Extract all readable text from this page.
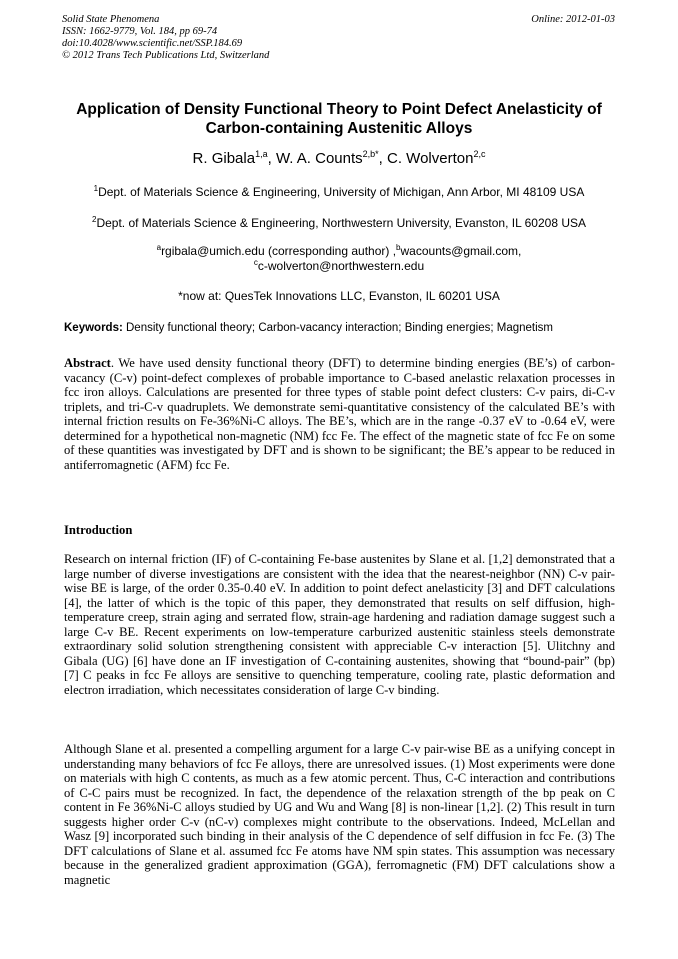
Solid State Phenomena
ISSN: 1662-9779, Vol. 184, pp 69-74
doi:10.4028/www.scientific.net/SSP.184.69
© 2012 Trans Tech Publications Ltd, Switzerland
Online: 2012-01-03
Application of Density Functional Theory to Point Defect Anelasticity of
Carbon-containing Austenitic Alloys
R. Gibala$^{1,a}$, W. A. Counts$^{2,b*}$, C. Wolverton$^{2,c}$
$^1$Dept. of Materials Science & Engineering, University of Michigan, Ann Arbor, MI 48109 USA
$^2$Dept. of Materials Science & Engineering, Northwestern University, Evanston, IL 60208 USA
$^a$rgibala@umich.edu (corresponding author) ,$^b$wacounts@gmail.com,
$^c$c-wolverton@northwestern.edu
*now at: QuesTek Innovations LLC, Evanston, IL 60201 USA
Keywords: Density functional theory; Carbon-vacancy interaction; Binding energies; Magnetism
Abstract. We have used density functional theory (DFT) to determine binding energies (BE’s) of carbon-vacancy (C-v) point-defect complexes of probable importance to C-based anelastic relaxation processes in fcc iron alloys. Calculations are presented for three types of stable point defect clusters: C-v pairs, di-C-v triplets, and tri-C-v quadruplets. We demonstrate semi-quantitative consistency of the calculated BE’s with internal friction results on Fe-36%Ni-C alloys. The BE’s, which are in the range -0.37 eV to -0.64 eV, were determined for a hypothetical non-magnetic (NM) fcc Fe. The effect of the magnetic state of fcc Fe on some of these quantities was investigated by DFT and is shown to be significant; the BE’s appear to be reduced in antiferromagnetic (AFM) fcc Fe.
Introduction
Research on internal friction (IF) of C-containing Fe-base austenites by Slane et al. [1,2] demonstrated that a large number of diverse investigations are consistent with the idea that the nearest-neighbor (NN) C-v pair-wise BE is large, of the order 0.35-0.40 eV. In addition to point defect anelasticity [3] and DFT calculations [4], the latter of which is the topic of this paper, they demonstrated that results on self diffusion, high-temperature creep, strain aging and serrated flow, strain-age hardening and radiation damage suggest such a large C-v BE. Recent experiments on low-temperature carburized austenitic stainless steels demonstrate extraordinary solid solution strengthening consistent with appreciable C-v interaction [5]. Ulitchny and Gibala (UG) [6] have done an IF investigation of C-containing austenites, showing that “bound-pair” (bp) [7] C peaks in fcc Fe alloys are sensitive to quenching temperature, cooling rate, plastic deformation and electron irradiation, which necessitates consideration of large C-v binding.
Although Slane et al. presented a compelling argument for a large C-v pair-wise BE as a unifying concept in understanding many behaviors of fcc Fe alloys, there are unresolved issues. (1) Most experiments were done on materials with high C contents, as much as a few atomic percent. Thus, C-C interaction and contributions of C-C pairs must be recognized. In fact, the dependence of the relaxation strength of the bp peak on C content in Fe 36%Ni-C alloys studied by UG and Wu and Wang [8] is non-linear [1,2]. (2) This result in turn suggests higher order C-v (nC-v) complexes might contribute to the observations. Indeed, McLellan and Wasz [9] incorporated such binding in their analysis of the C dependence of self diffusion in fcc Fe. (3) The DFT calculations of Slane et al. assumed fcc Fe atoms have NM spin states. This assumption was necessary because in the generalized gradient approximation (GGA), ferromagnetic (FM) DFT calculations show a magnetic
